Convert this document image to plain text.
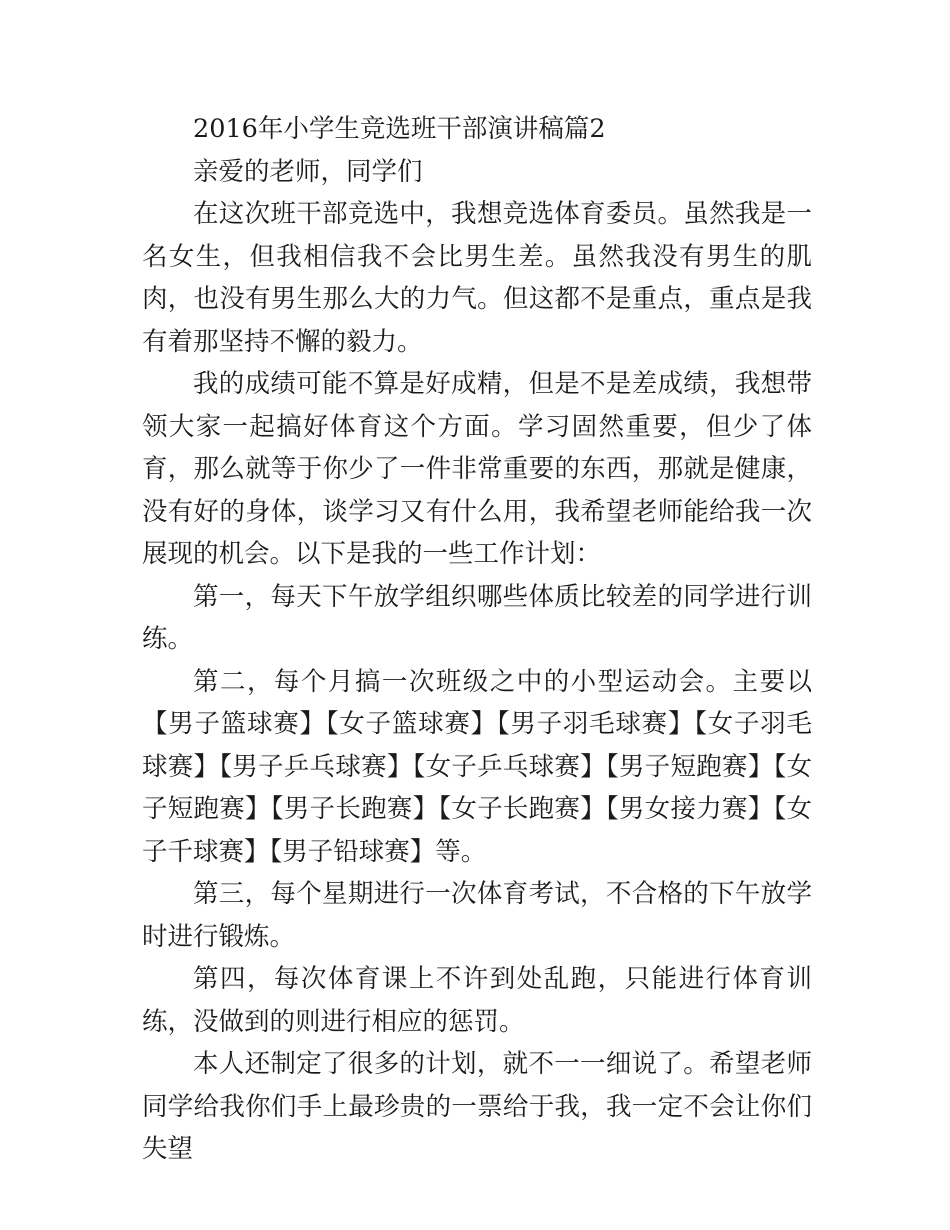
2016年小学生竞选班干部演讲稿篇2

亲爱的老师，同学们

在这次班干部竞选中，我想竞选体育委员。虽然我是一名女生，但我相信我不会比男生差。虽然我没有男生的肌肉，也没有男生那么大的力气。但这都不是重点，重点是我有着那坚持不懈的毅力。

我的成绩可能不算是好成精，但是不是差成绩，我想带领大家一起搞好体育这个方面。学习固然重要，但少了体育，那么就等于你少了一件非常重要的东西，那就是健康，没有好的身体，谈学习又有什么用，我希望老师能给我一次展现的机会。以下是我的一些工作计划：

第一，每天下午放学组织哪些体质比较差的同学进行训练。

第二，每个月搞一次班级之中的小型运动会。主要以【男子篮球赛】【女子篮球赛】【男子羽毛球赛】【女子羽毛球赛】【男子乒乓球赛】【女子乒乓球赛】【男子短跑赛】【女子短跑赛】【男子长跑赛】【女子长跑赛】【男女接力赛】【女子千球赛】【男子铅球赛】等。

第三，每个星期进行一次体育考试，不合格的下午放学时进行锻炼。

第四，每次体育课上不许到处乱跑，只能进行体育训练，没做到的则进行相应的惩罚。

本人还制定了很多的计划，就不一一细说了。希望老师同学给我你们手上最珍贵的一票给于我，我一定不会让你们失望
